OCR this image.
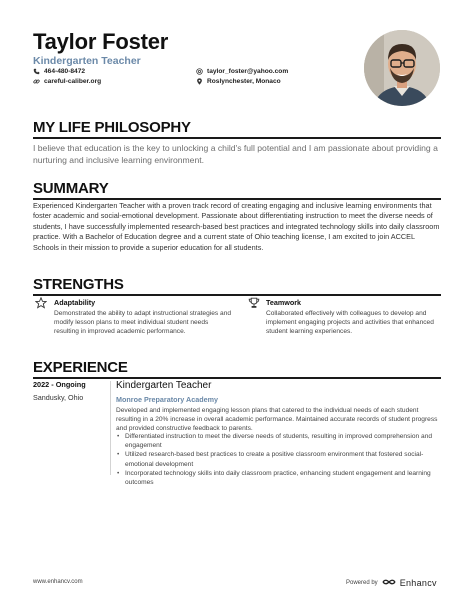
Taylor Foster
Kindergarten Teacher
464-480-8472
careful-caliber.org
taylor_foster@yahoo.com
Roslynchester, Monaco
MY LIFE PHILOSOPHY
I believe that education is the key to unlocking a child's full potential and I am passionate about providing a nurturing and inclusive learning environment.
SUMMARY
Experienced Kindergarten Teacher with a proven track record of creating engaging and inclusive learning environments that foster academic and social-emotional development. Passionate about differentiating instruction to meet the diverse needs of students, I have successfully implemented research-based best practices and integrated technology skills into daily classroom practice. With a Bachelor of Education degree and a current state of Ohio teaching license, I am excited to join ACCEL Schools in their mission to provide a superior education for all students.
STRENGTHS
Adaptability
Demonstrated the ability to adapt instructional strategies and modify lesson plans to meet individual student needs resulting in improved academic performance.
Teamwork
Collaborated effectively with colleagues to develop and implement engaging projects and activities that enhanced student learning experiences.
EXPERIENCE
2022 - Ongoing
Sandusky, Ohio
Kindergarten Teacher
Monroe Preparatory Academy
Developed and implemented engaging lesson plans that catered to the individual needs of each student resulting in a 20% increase in overall academic performance. Maintained accurate records of student progress and provided constructive feedback to parents.
• Differentiated instruction to meet the diverse needs of students, resulting in improved comprehension and engagement
• Utilized research-based best practices to create a positive classroom environment that fostered social-emotional development
• Incorporated technology skills into daily classroom practice, enhancing student engagement and learning outcomes
www.enhancv.com	Powered by Enhancv
